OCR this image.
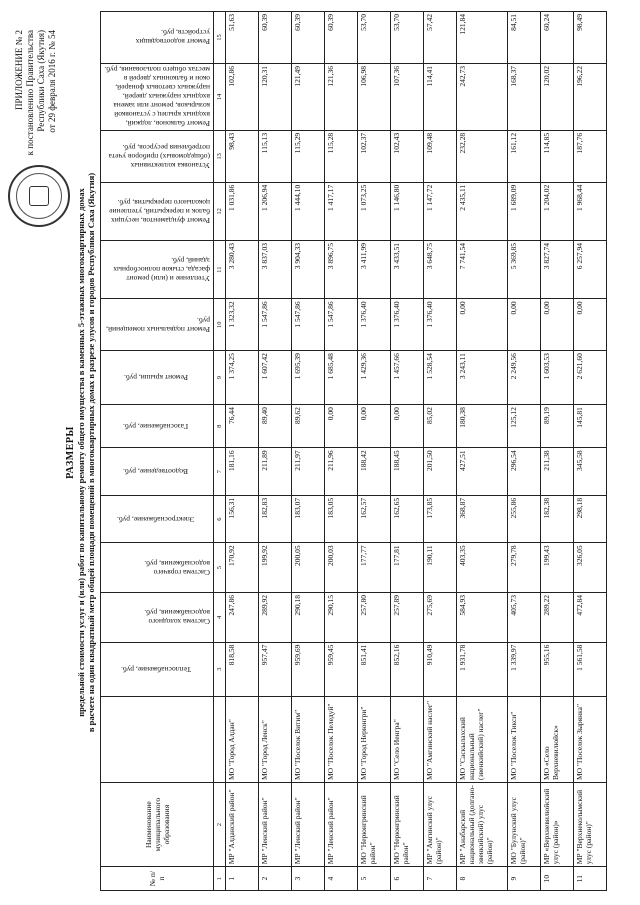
ПРИЛОЖЕНИЕ № 2 к постановлению Правительства Республики Саха (Якутия) от 29 февраля 2016 г. № 54
РАЗМЕРЫ предельной стоимости услуг и (или) работ по капитальному ремонту общего имущества в каменных 5-этажных многоквартирных домах в расчете на один квадратный метр общей площади помещений в многоквартирных домах в разрезе улусов и городов Республики Саха (Якутия)
№ п/п	Наименование муниципального образования		Теплоснабжение, руб.	Система холодного водоснабжения, руб.	Система горячего водоснабжения, руб.	Электроснабжение, руб.	Водоотведение, руб.	Газоснабжение, руб.	Ремонт крыши, руб.	Ремонт подвальных помещений, руб.	Утепление и (или) ремонт фасада, стыков полносборных зданий, руб.	Ремонт фундаментов, несущих балок и перекрытий, утепление цокольного перекрытия, руб.	Установка коллективных (общедомовых) приборов учета потребления ресурсов, руб.	Ремонт балконов, лоджий, входных крылец с установкой козырьков, ремонт или замена входных наружных дверей, наружных световых фонарей, окон и балконных дверей в местах общего пользования, руб.	Ремонт водоотводящих устройств, руб.
1	2		3	4	5	6	7	8	9	10	11	12	13	14	15
1	МР "Алданский район"	МО "Город Алдан"	818,58	247,86	170,92	156,31	181,16	76,44	1 374,25	1 323,32	3 280,43	1 031,86	98,43	102,86	51,63
2	МР "Ленский район"	МО "Город Ленск"	957,47	289,92	199,92	182,83	211,89	89,40	1 607,42	1 547,86	3 837,03	1 206,94	115,13	120,31	60,39
3	МР "Ленский район"	МО "Поселок Витим"	959,69	290,18	200,05	183,07	211,97	89,62	1 695,39	1 547,86	3 904,33	1 444,10	115,29	121,49	60,39
4	МР "Ленский район"	МО "Поселок Пеледуй"	959,45	290,15	200,03	183,05	211,96	0,00	1 685,48	1 547,86	3 896,75	1 417,17	115,28	121,36	60,39
5	МО "Нерюнгринский район"	МО "Город Нерюнгри"	851,41	257,80	177,77	162,57	188,42	0,00	1 429,36	1 376,40	3 411,99	1 073,25	102,37	106,98	53,70
6	МО "Нерюнгринский район"	МО "Село Иенгра"	852,16	257,89	177,81	162,65	188,45	0,00	1 457,66	1 376,40	3 433,51	1 146,80	102,43	107,36	53,70
7	МР "Амгинский улус (район)"	МО "Амгинский наслег"	910,49	275,69	190,11	173,85	201,50	85,02	1 528,54	1 376,40	3 648,75	1 147,72	109,48	114,41	57,42
8	МР "Анабарский национальный (долгано-эвенкийский) улус (район)"	МО "Саскылахский национальный (эвенкийский) наслег"	1 931,78	584,93	403,35	368,87	427,51	180,38	3 243,11	0,00	7 741,54	2 435,11	232,28	242,73	121,84
9	МО "Булунский улус (район)"	МО "Поселок Тикси"	1 339,97	405,73	279,78	255,86	296,54	125,12	2 249,56	0,00	5 369,85	1 689,09	161,12	168,37	84,51
10	МР «Верхневилюйский улус (район)»	МО «Село Верхневилюйск»	955,16	289,22	199,43	182,38	211,38	89,19	1 603,53	0,00	3 827,74	1 204,02	114,85	120,02	60,24
11	МР "Верхнеколымский улус (район)"	МО "Поселок Зырянка"	1 561,58	472,84	326,05	298,18	345,58	145,81	2 621,60	0,00	6 257,94	1 968,44	187,76	196,22	98,49
